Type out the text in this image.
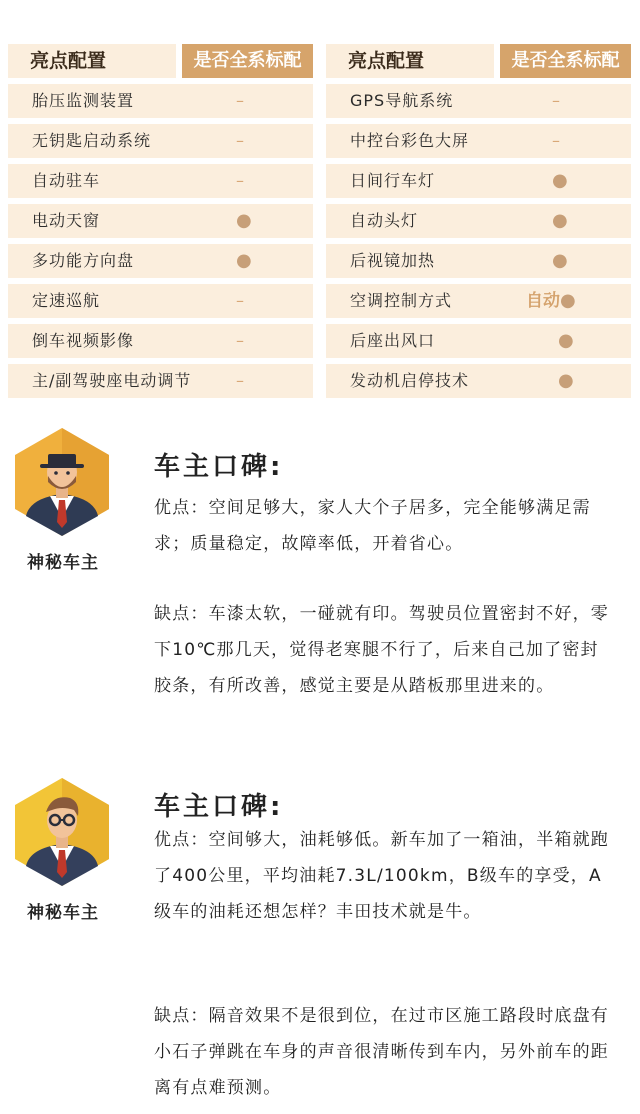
亮点配置	是否全系标配
胎压监测装置	–
无钥匙启动系统	–
自动驻车	–
电动天窗	●
多功能方向盘	●
定速巡航	–
倒车视频影像	–
主/副驾驶座电动调节	–
亮点配置	是否全系标配
GPS导航系统	–
中控台彩色大屏	–
日间行车灯	●
自动头灯	●
后视镜加热	●
空调控制方式	自动●
后座出风口	●
发动机启停技术	●
神秘车主
车主口碑:
优点：空间足够大，家人大个子居多，完全能够满足需求；质量稳定，故障率低，开着省心。
缺点：车漆太软，一碰就有印。驾驶员位置密封不好，零下10℃那几天，觉得老寒腿不行了，后来自己加了密封胶条，有所改善，感觉主要是从踏板那里进来的。
神秘车主
车主口碑:
优点：空间够大，油耗够低。新车加了一箱油，半箱就跑了400公里，平均油耗7.3L/100km，B级车的享受，A级车的油耗还想怎样？丰田技术就是牛。
缺点：隔音效果不是很到位，在过市区施工路段时底盘有小石子弹跳在车身的声音很清晰传到车内，另外前车的距离有点难预测。
